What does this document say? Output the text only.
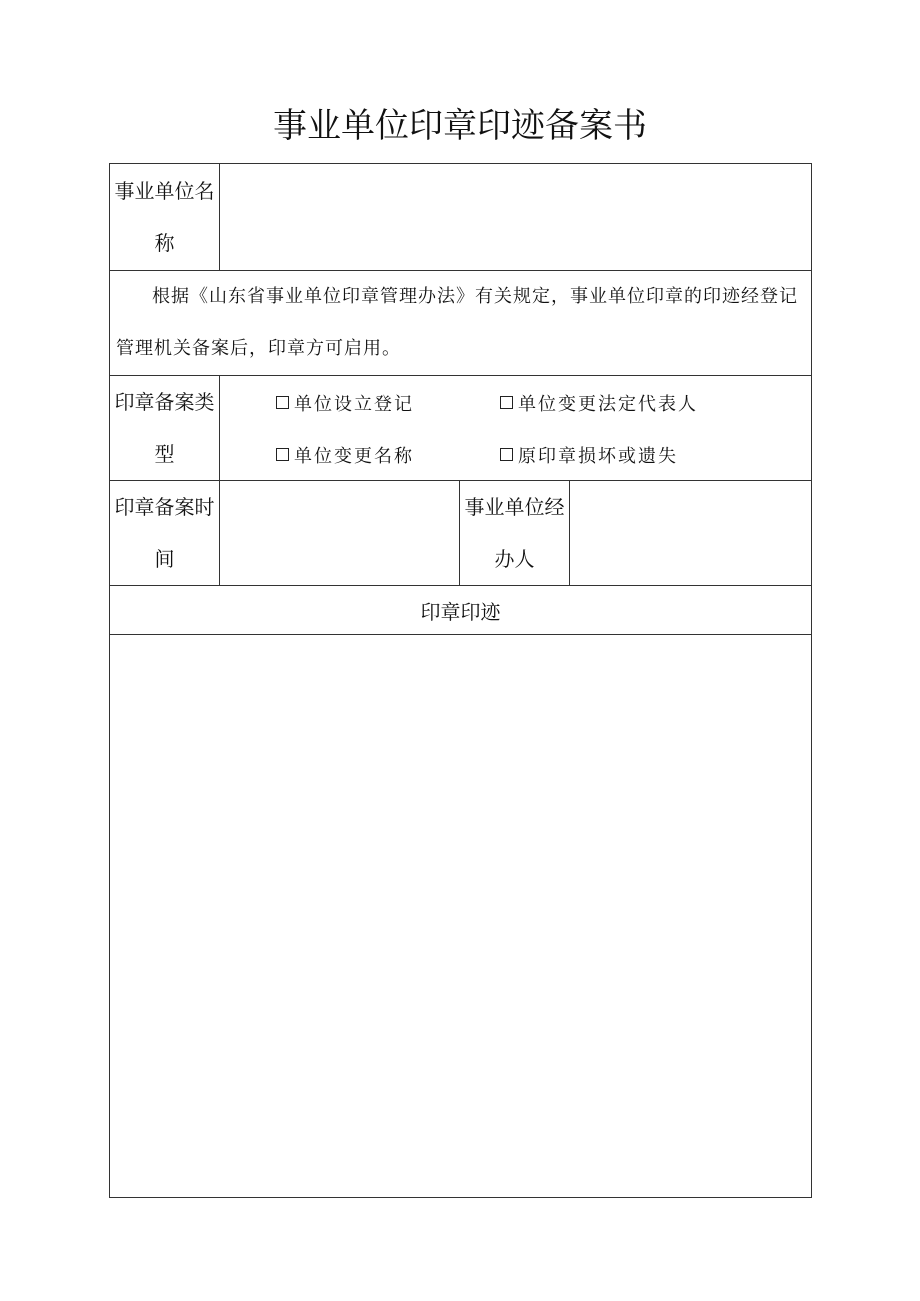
事业单位印章印迹备案书
事业单位名称			
根据《山东省事业单位印章管理办法》有关规定，事业单位印章的印迹经登记管理机关备案后，印章方可启用。			
印章备案类型	单位设立登记 单位变更法定代表人
单位变更名称 原印章损坏或遗失		

印章备案时间		事业单位经办人	
印章印迹			
